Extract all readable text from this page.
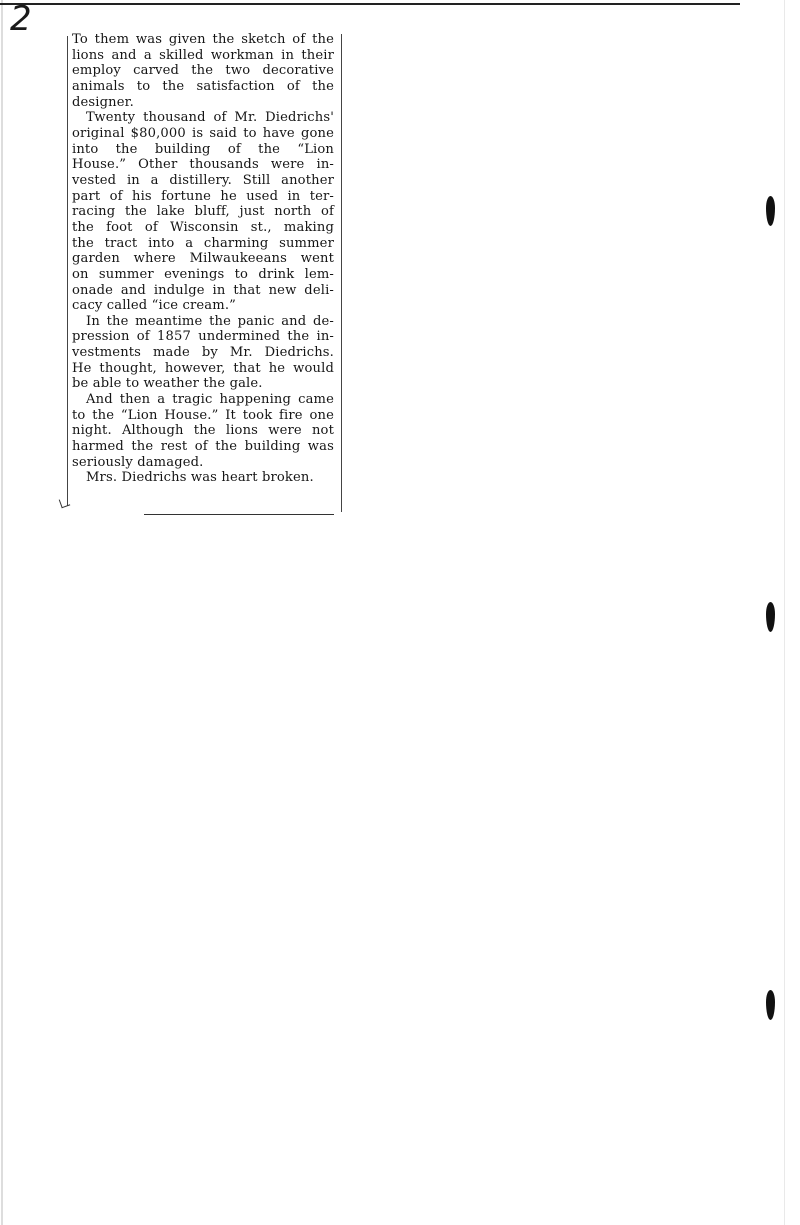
2
To them was given the sketch of the
lions and a skilled workman in their
employ carved the two decorative
animals to the satisfaction of the
designer.
Twenty thousand of Mr. Diedrichs'
original $80,000 is said to have gone
into the building of the “Lion
House.” Other thousands were in-
vested in a distillery. Still another
part of his fortune he used in ter-
racing the lake bluff, just north of
the foot of Wisconsin st., making
the tract into a charming summer
garden where Milwaukeeans went
on summer evenings to drink lem-
onade and indulge in that new deli-
cacy called “ice cream.”
In the meantime the panic and de-
pression of 1857 undermined the in-
vestments made by Mr. Diedrichs.
He thought, however, that he would
be able to weather the gale.
And then a tragic happening came
to the “Lion House.” It took fire one
night. Although the lions were not
harmed the rest of the building was
seriously damaged.
Mrs. Diedrichs was heart broken.
